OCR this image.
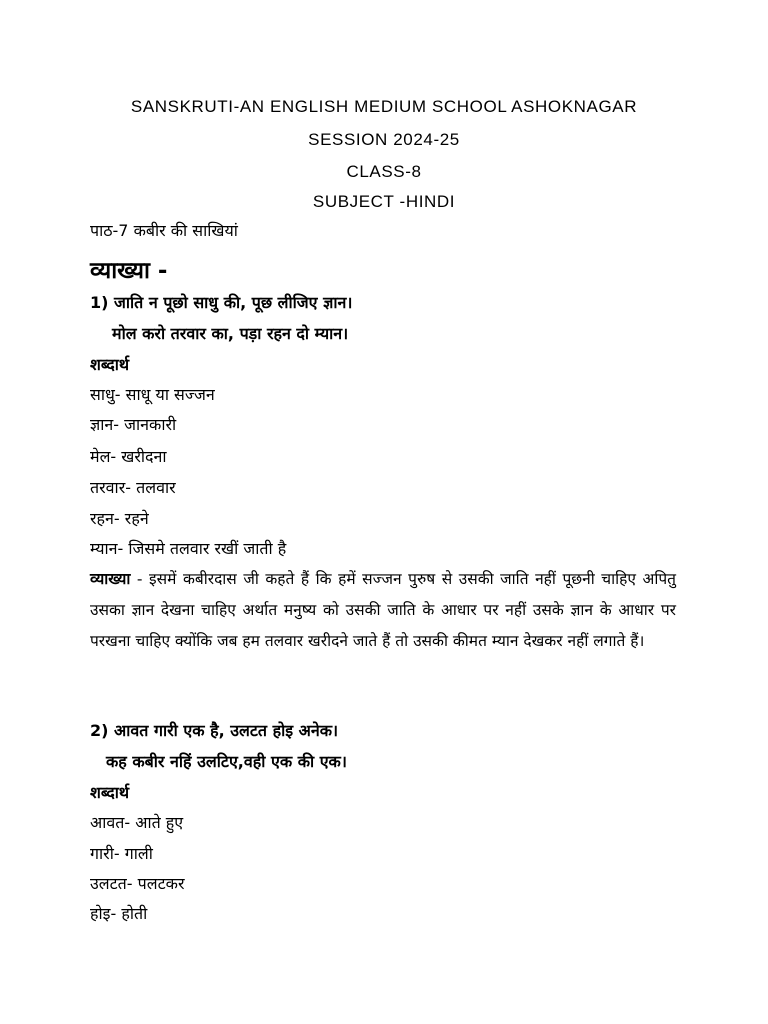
SANSKRUTI-AN ENGLISH MEDIUM SCHOOL ASHOKNAGAR
SESSION 2024-25
CLASS-8
SUBJECT -HINDI
पाठ-7 कबीर की साखियां
व्याख्या -
1) जाति न पूछो साधु की, पूछ लीजिए ज्ञान।
मोल करो तरवार का, पड़ा रहन दो म्यान।
शब्दार्थ
साधु- साधू या सज्जन
ज्ञान- जानकारी
मेल- खरीदना
तरवार- तलवार
रहन- रहने
म्यान- जिसमे तलवार रखीं जाती है
व्याख्या - इसमें कबीरदास जी कहते हैं कि हमें सज्जन पुरुष से उसकी जाति नहीं पूछनी चाहिए अपितु उसका ज्ञान देखना चाहिए अर्थात मनुष्य को उसकी जाति के आधार पर नहीं उसके ज्ञान के आधार पर परखना चाहिए क्योंकि जब हम तलवार खरीदने जाते हैं तो उसकी कीमत म्यान देखकर नहीं लगाते हैं।
2) आवत गारी एक है, उलटत होइ अनेक।
कह कबीर नहिं उलटिए,वही एक की एक।
शब्दार्थ
आवत- आते हुए
गारी- गाली
उलटत- पलटकर
होइ- होती
